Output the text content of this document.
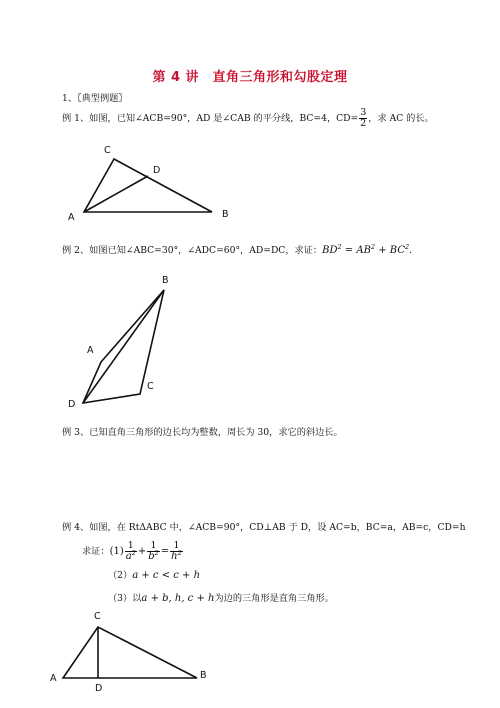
第 4 讲　直角三角形和勾股定理
1、〖典型例题〗
例 1、如图，已知∠ACB=90°，AD 是∠CAB 的平分线，BC=4，$CD= \frac{3}{2}$ ，求 AC 的长。
C
D
A	B
例 2、如图已知∠ABC=30°，∠ADC=60°，AD=DC，求证：$BD^2 = AB^2 + BC^2$.
B
A
C
D
例 3、已知直角三角形的边长均为整数，周长为 30，求它的斜边长。
例 4、如图，在 RtΔABC 中，∠ACB=90°，CD⊥AB 于 D，设 AC=b，BC=a，AB=c，CD=h
求证：$(1) \frac{1}{a^2} + \frac{1}{b^2} = \frac{1}{h^2}$
（2）a + c < c + h
（3）以a + b, h, c + h为边的三角形是直角三角形。
C
A	B
D
